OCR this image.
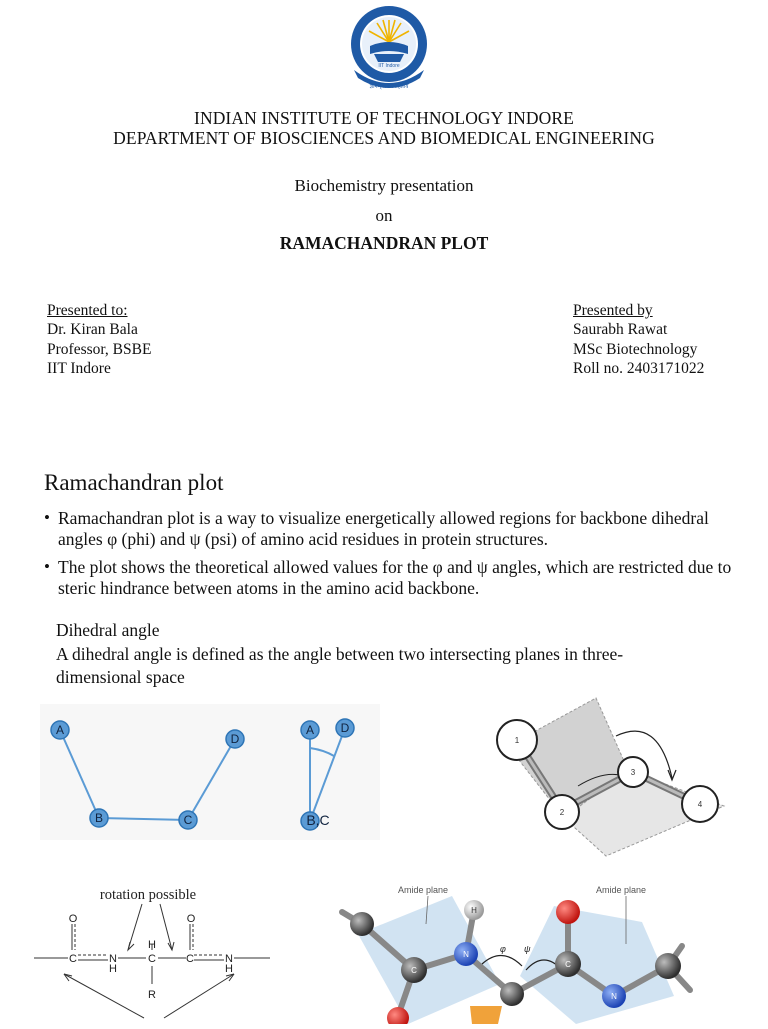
IIT Indore
ज्ञानम् सर्वजनहिताय
INDIAN INSTITUTE OF TECHNOLOGY INDORE
DEPARTMENT OF BIOSCIENCES AND BIOMEDICAL ENGINEERING
Biochemistry presentation
on
RAMACHANDRAN PLOT
Presented to:
Dr. Kiran Bala
Professor, BSBE
IIT Indore
Presented by
Saurabh Rawat
MSc Biotechnology
Roll no. 2403171022
Ramachandran plot
• Ramachandran plot is a way to visualize energetically allowed regions for backbone dihedral angles φ (phi) and ψ (psi) of amino acid residues in protein structures.
• The plot shows the theoretical allowed values for the φ and ψ angles, which are restricted due to steric hindrance between atoms in the amino acid backbone.
Dihedral angle
A dihedral angle is defined as the angle between two intersecting planes in three-dimensional space
A
B	C
D
A D
B,C
1
2
3
4
rotation possible
O
C	N
H
H
C
R
O
C	N
H
Amide plane	Amide plane
φ ψ
C
N
C
N
H
